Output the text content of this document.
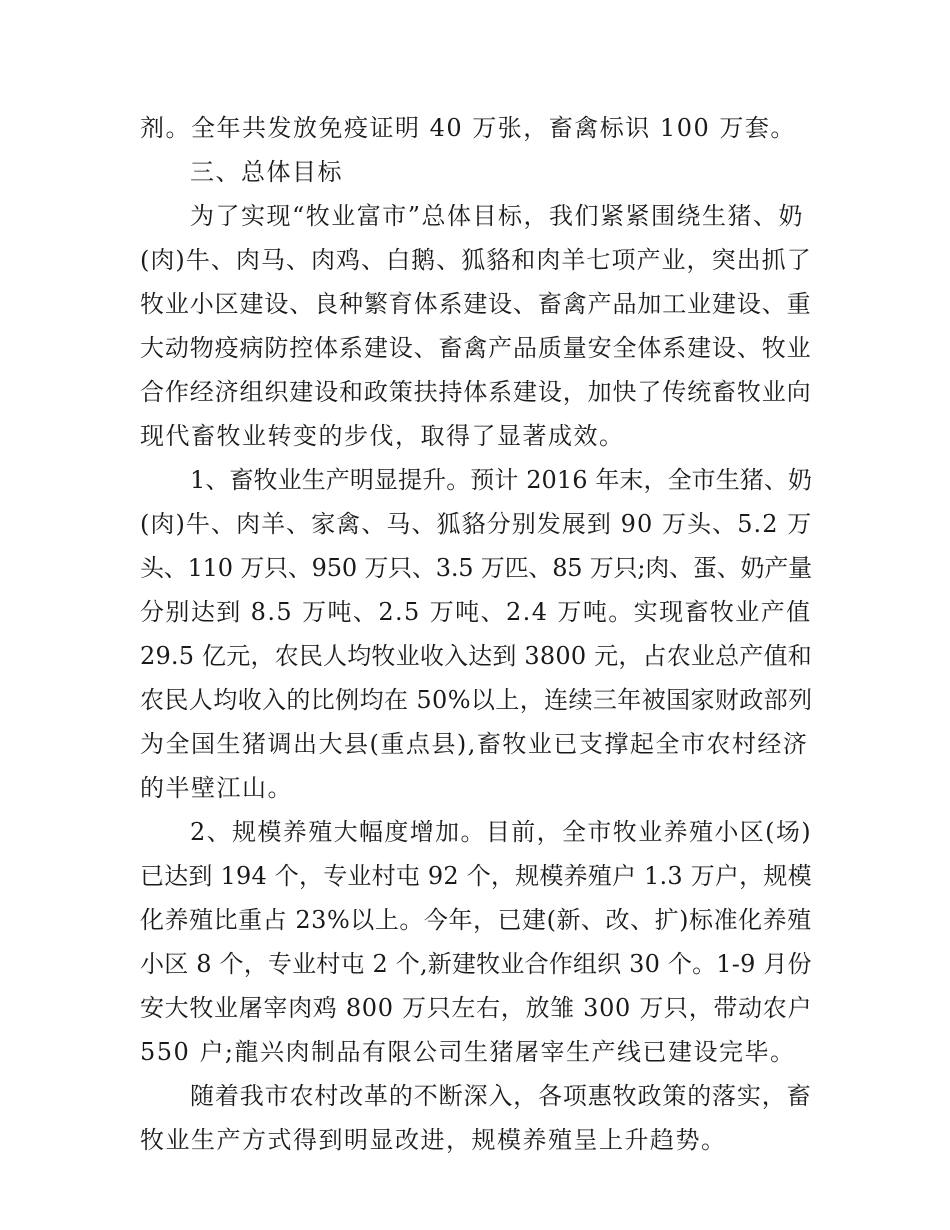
剂。全年共发放免疫证明 40 万张，畜禽标识 100 万套。
三、总体目标
为了实现“牧业富市”总体目标，我们紧紧围绕生猪、奶
(肉)牛、肉马、肉鸡、白鹅、狐貉和肉羊七项产业，突出抓了
牧业小区建设、良种繁育体系建设、畜禽产品加工业建设、重
大动物疫病防控体系建设、畜禽产品质量安全体系建设、牧业
合作经济组织建设和政策扶持体系建设，加快了传统畜牧业向
现代畜牧业转变的步伐，取得了显著成效。
1、畜牧业生产明显提升。预计 2016 年末，全市生猪、奶
(肉)牛、肉羊、家禽、马、狐貉分别发展到 90 万头、5.2 万
头、110 万只、950 万只、3.5 万匹、85 万只;肉、蛋、奶产量
分别达到 8.5 万吨、2.5 万吨、2.4 万吨。实现畜牧业产值
29.5 亿元，农民人均牧业收入达到 3800 元，占农业总产值和
农民人均收入的比例均在 50%以上，连续三年被国家财政部列
为全国生猪调出大县(重点县),畜牧业已支撑起全市农村经济
的半壁江山。
2、规模养殖大幅度增加。目前，全市牧业养殖小区(场)
已达到 194 个，专业村屯 92 个，规模养殖户 1.3 万户，规模
化养殖比重占 23%以上。今年，已建(新、改、扩)标准化养殖
小区 8 个，专业村屯 2 个,新建牧业合作组织 30 个。1-9 月份
安大牧业屠宰肉鸡 800 万只左右，放雏 300 万只，带动农户
550 户;龍兴肉制品有限公司生猪屠宰生产线已建设完毕。
随着我市农村改革的不断深入，各项惠牧政策的落实，畜
牧业生产方式得到明显改进，规模养殖呈上升趋势。
